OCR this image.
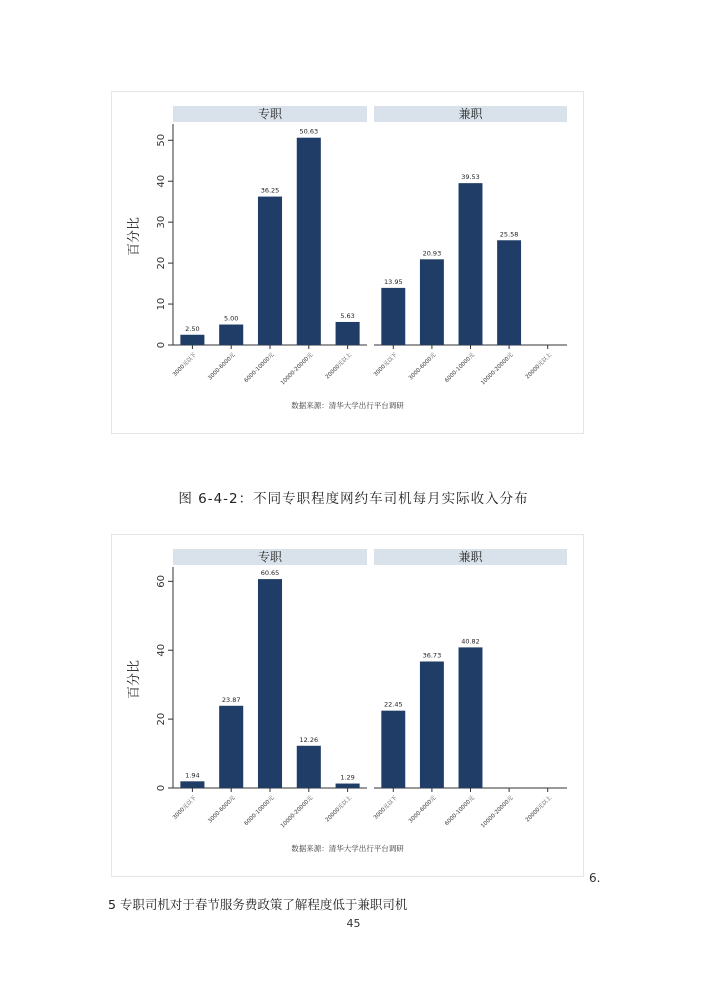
0
10
20
30
40
50
百分比
专职
2.50
3000元以下
5.00
3000-6000元
36.25
6000-10000元
50.63
10000-20000元
5.63
20000元以上
兼职
13.95
3000元以下
20.93
3000-6000元
39.53
6000-10000元
25.58
10000-20000元 20000元以上
数据来源：清华大学出行平台调研
图 6-4-2：不同专职程度网约车司机每月实际收入分布
0
20
40
60
百分比
专职
1.94
3000元以下
23.87
3000-6000元
60.65
6000-10000元
12.26
10000-20000元
1.29
20000元以上
兼职
22.45
3000元以下
36.73
3000-6000元
40.82
6000-10000元 10000-20000元 20000元以上
数据来源：清华大学出行平台调研
6.
5 专职司机对于春节服务费政策了解程度低于兼职司机
45
